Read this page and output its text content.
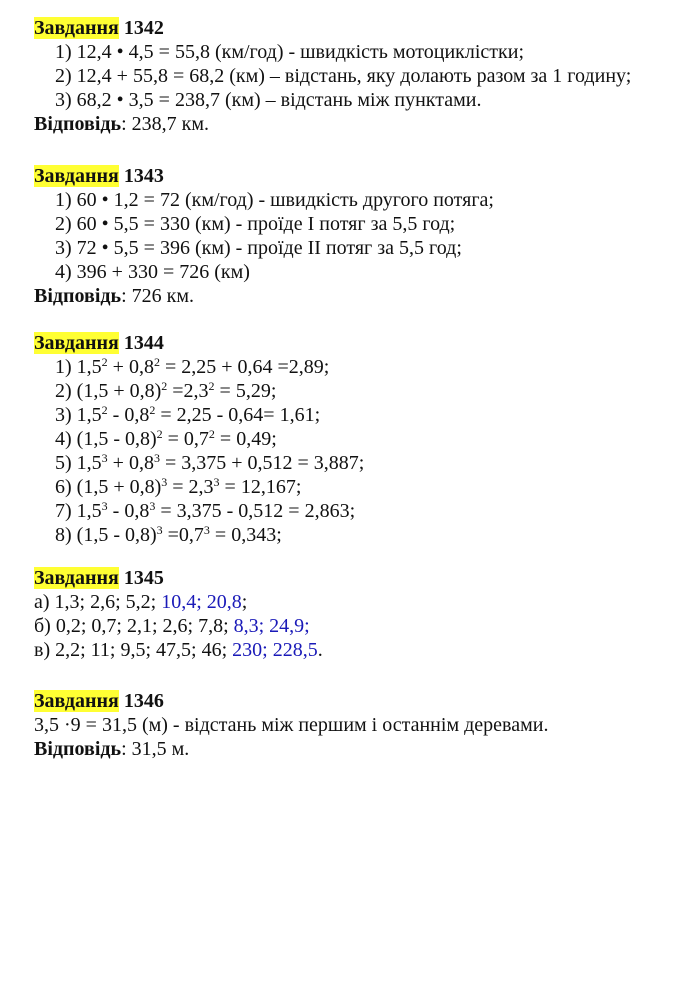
Завдання 1342
1) 12,4 • 4,5 = 55,8 (км/год) - швидкість мотоциклістки;
2) 12,4 + 55,8 = 68,2 (км) – відстань, яку долають разом за 1 годину;
3) 68,2 • 3,5 = 238,7 (км) – відстань між пунктами.
Відповідь: 238,7 км.
Завдання 1343
1) 60 • 1,2 = 72 (км/год) - швидкість другого потяга;
2) 60 • 5,5 = 330 (км) - проїде І потяг за 5,5 год;
3) 72 • 5,5 = 396 (км) - проїде ІІ потяг за 5,5 год;
4) 396 + 330 = 726 (км)
Відповідь: 726 км.
Завдання 1344
1) $1,5^2 + 0,8^2 = 2,25 + 0,64 =2,89$;
2) $(1,5 + 0,8)^2 =2,3^2 = 5,29$;
3) $1,5^2 - 0,8^2 = 2,25 - 0,64= 1,61$;
4) $(1,5 - 0,8)^2 = 0,7^2 = 0,49$;
5) $1,5^3 + 0,8^3 = 3,375 + 0,512 = 3,887$;
6) $(1,5 + 0,8)^3 = 2,3^3 = 12,167$;
7) $1,5^3 - 0,8^3 = 3,375 - 0,512 = 2,863$;
8) $(1,5 - 0,8)^3 =0,7^3 = 0,343$;
Завдання 1345
а) 1,3; 2,6; 5,2; 10,4; 20,8;
б) 0,2; 0,7; 2,1; 2,6; 7,8; 8,3; 24,9;
в) 2,2; 11; 9,5; 47,5; 46; 230; 228,5.
Завдання 1346
3,5 ·9 = 31,5 (м) - відстань між першим і останнім деревами.
Відповідь: 31,5 м.
